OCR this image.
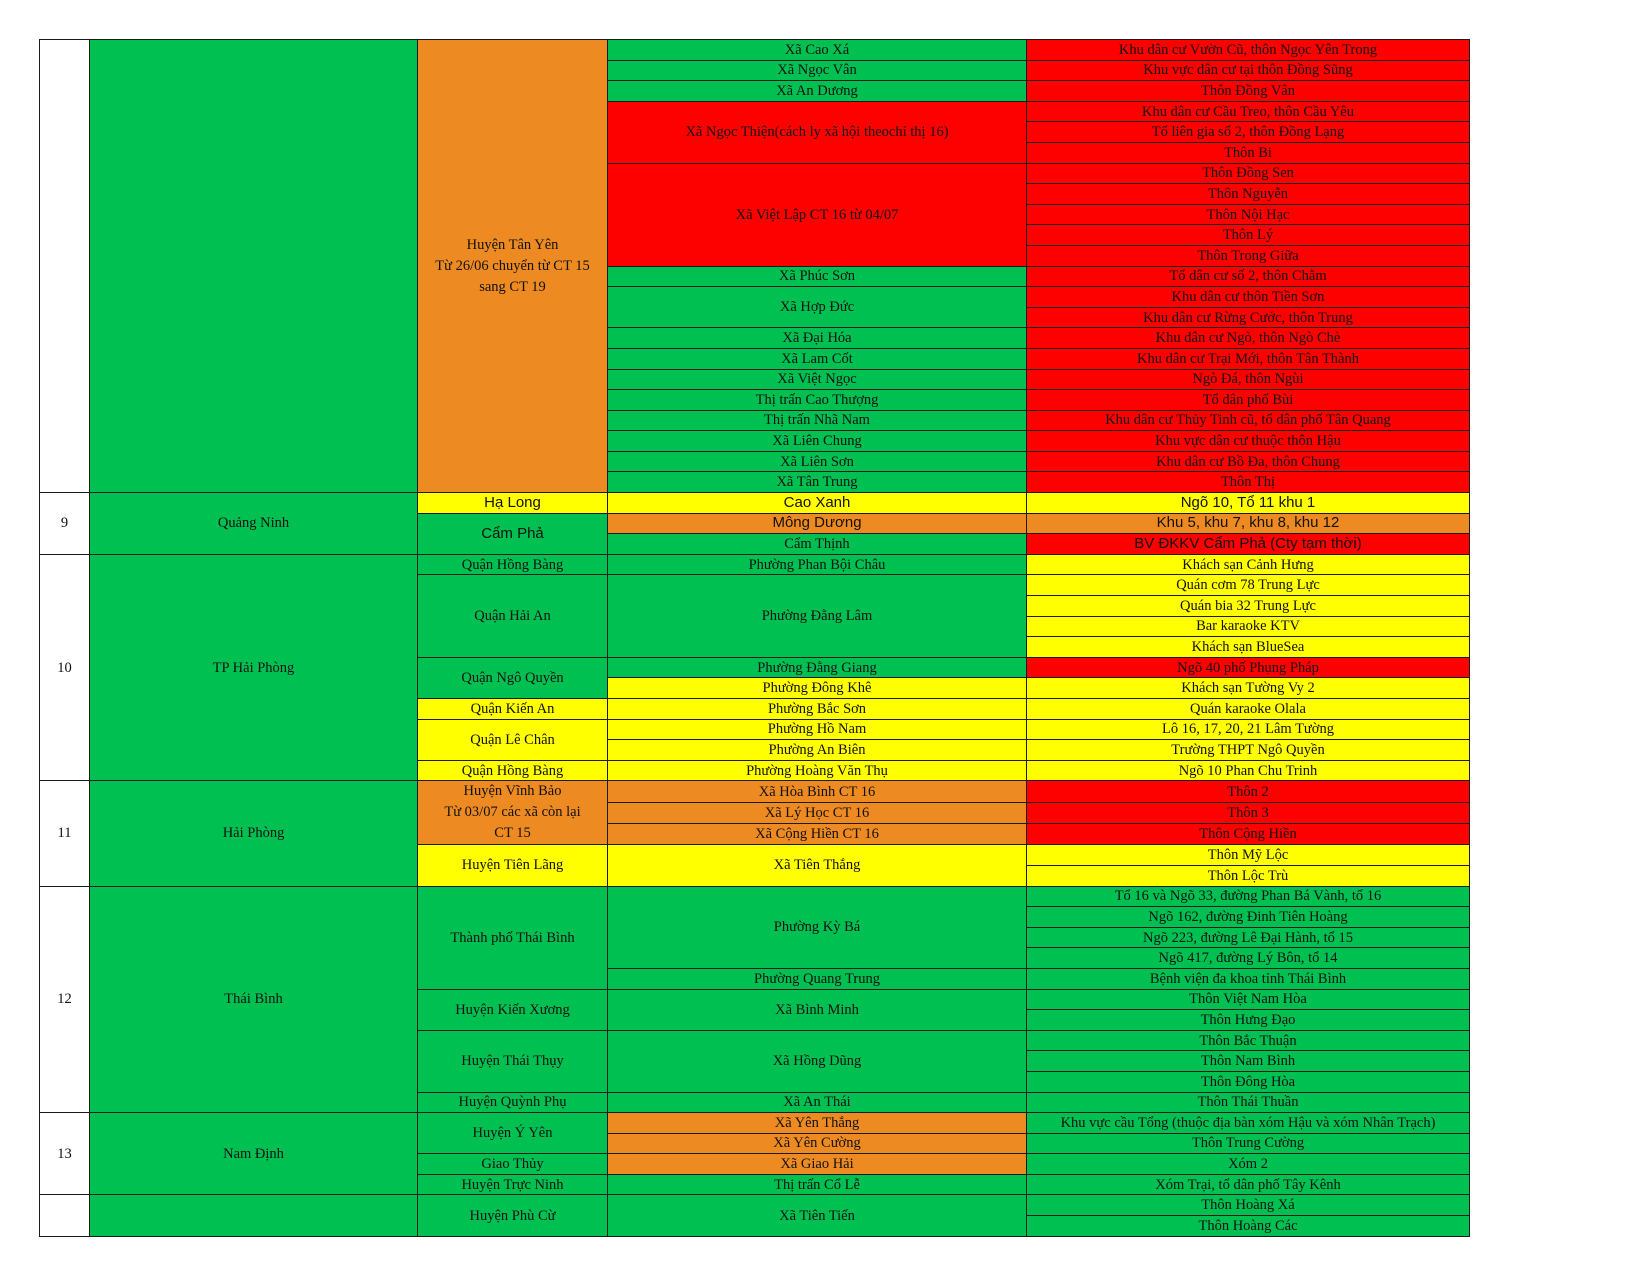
		Huyện Tân Yên
Từ 26/06 chuyển từ CT 15
sang CT 19	Xã Cao Xá	Khu dân cư Vườn Cũ, thôn Ngọc Yên Trong
			Xã Ngọc Vân	Khu vực dân cư tại thôn Đồng Sũng
			Xã An Dương	Thôn Đồng Vân
			Xã Ngọc Thiện(cách ly xã hội theochỉ thị 16)	Khu dân cư Cầu Treo, thôn Cầu Yêu
				Tổ liên gia số 2, thôn Đồng Lạng
				Thôn Bi
			Xã Việt Lập CT 16 từ 04/07	Thôn Đồng Sen
				Thôn Nguyễn
				Thôn Nội Hạc
				Thôn Lý
				Thôn Trong Giữa
			Xã Phúc Sơn	Tổ dân cư số 2, thôn Chằm
			Xã Hợp Đức	Khu dân cư thôn Tiền Sơn
				Khu dân cư Rừng Cước, thôn Trung
			Xã Đại Hóa	Khu dân cư Ngò, thôn Ngò Chè
			Xã Lam Cốt	Khu dân cư Trại Mới, thôn Tân Thành
			Xã Việt Ngọc	Ngò Đá, thôn Ngùi
			Thị trấn Cao Thượng	Tổ dân phố Bùi
			Thị trấn Nhã Nam	Khu dân cư Thủy Tinh cũ, tổ dân phố Tân Quang
			Xã Liên Chung	Khu vực dân cư thuộc thôn Hậu
			Xã Liên Sơn	Khu dân cư Bồ Đa, thôn Chung
			Xã Tân Trung	Thôn Thị
9	Quảng Ninh	Hạ Long	Cao Xanh	Ngõ 10, Tổ 11 khu 1
		Cẩm Phả	Mông Dương	Khu 5, khu 7, khu 8, khu 12
			Cẩm Thịnh	BV ĐKKV Cẩm Phả (Cty tạm thời)
10	TP Hải Phòng	Quận Hồng Bàng	Phường Phan Bội Châu	Khách sạn Cảnh Hưng
		Quận Hải An	Phường Đằng Lâm	Quán cơm 78 Trung Lực
				Quán bia 32 Trung Lực
				Bar karaoke KTV
				Khách sạn BlueSea
		Quận Ngô Quyền	Phường Đằng Giang	Ngõ 40 phố Phụng Pháp
			Phường Đông Khê	Khách sạn Tường Vy 2
		Quận Kiến An	Phường Bắc Sơn	Quán karaoke Olala
		Quận Lê Chân	Phường Hồ Nam	Lô 16, 17, 20, 21 Lâm Tường
			Phường An Biên	Trường THPT Ngô Quyền
		Quận Hồng Bàng	Phường Hoàng Văn Thụ	Ngõ 10 Phan Chu Trinh
11	Hải Phòng	Huyện Vĩnh Bảo
Từ 03/07 các xã còn lại
CT 15	Xã Hòa Bình CT 16	Thôn 2
			Xã Lý Học CT 16	Thôn 3
			Xã Cộng Hiền CT 16	Thôn Cộng Hiền
		Huyện Tiên Lãng	Xã Tiên Thắng	Thôn Mỹ Lộc
				Thôn Lộc Trù
12	Thái Bình	Thành phố Thái Bình	Phường Kỳ Bá	Tổ 16 và Ngõ 33, đường Phan Bá Vành, tổ 16
				Ngõ 162, đường Đinh Tiên Hoàng
				Ngõ 223, đường Lê Đại Hành, tổ 15
				Ngõ 417, đường Lý Bôn, tổ 14
			Phường Quang Trung	Bệnh viện đa khoa tỉnh Thái Bình
		Huyện Kiến Xương	Xã Bình Minh	Thôn Việt Nam Hòa
				Thôn Hưng Đạo
		Huyện Thái Thụy	Xã Hồng Dũng	Thôn Bắc Thuận
				Thôn Nam Bình
				Thôn Đông Hòa
		Huyện Quỳnh Phụ	Xã An Thái	Thôn Thái Thuần
13	Nam Định	Huyện Ý Yên	Xã Yên Thắng	Khu vực cầu Tổng (thuộc địa bàn xóm Hậu và xóm Nhân Trạch)
			Xã Yên Cường	Thôn Trung Cường
		Giao Thủy	Xã Giao Hải	Xóm 2
		Huyện Trực Ninh	Thị trấn Cổ Lễ	Xóm Trại, tổ dân phố Tây Kênh
		Huyện Phù Cừ	Xã Tiên Tiến	Thôn Hoàng Xá
				Thôn Hoàng Các
